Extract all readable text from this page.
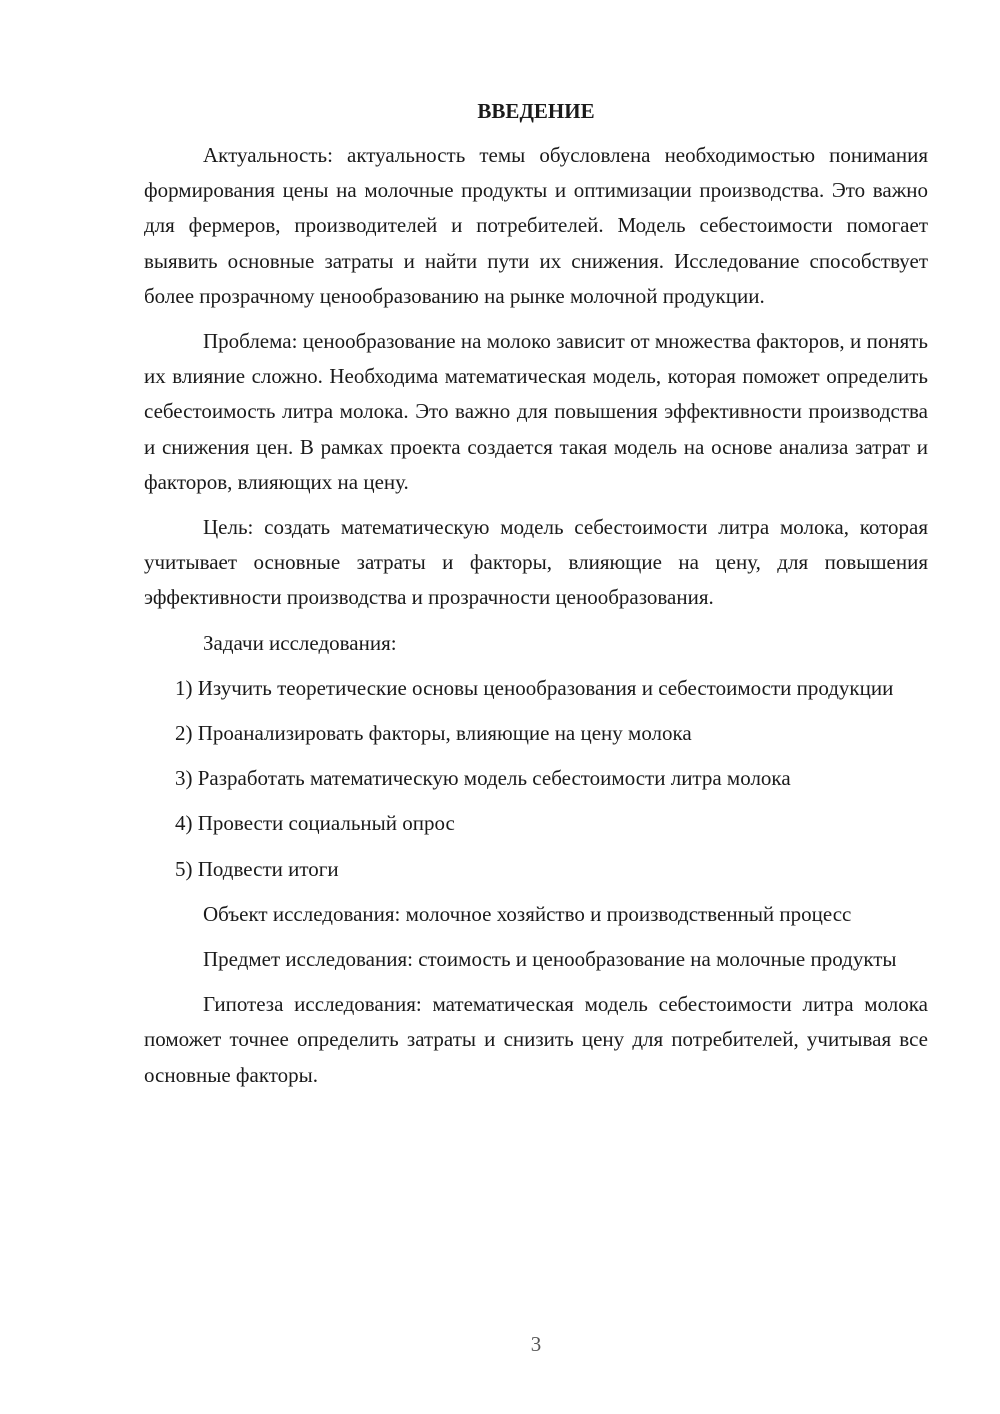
ВВЕДЕНИЕ

Актуальность: актуальность темы обусловлена необходимостью понимания формирования цены на молочные продукты и оптимизации производства. Это важно для фермеров, производителей и потребителей. Модель себестоимости помогает выявить основные затраты и найти пути их снижения. Исследование способствует более прозрачному ценообразованию на рынке молочной продукции.

Проблема: ценообразование на молоко зависит от множества факторов, и понять их влияние сложно. Необходима математическая модель, которая поможет определить себестоимость литра молока. Это важно для повышения эффективности производства и снижения цен. В рамках проекта создается такая модель на основе анализа затрат и факторов, влияющих на цену.

Цель: создать математическую модель себестоимости литра молока, которая учитывает основные затраты и факторы, влияющие на цену, для повышения эффективности производства и прозрачности ценообразования.

Задачи исследования:

1) Изучить теоретические основы ценообразования и себестоимости продукции

2) Проанализировать факторы, влияющие на цену молока

3) Разработать математическую модель себестоимости литра молока

4) Провести социальный опрос

5) Подвести итоги

Объект исследования: молочное хозяйство и производственный процесс

Предмет исследования: стоимость и ценообразование на молочные продукты

Гипотеза исследования: математическая модель себестоимости литра молока поможет точнее определить затраты и снизить цену для потребителей, учитывая все основные факторы.

3
